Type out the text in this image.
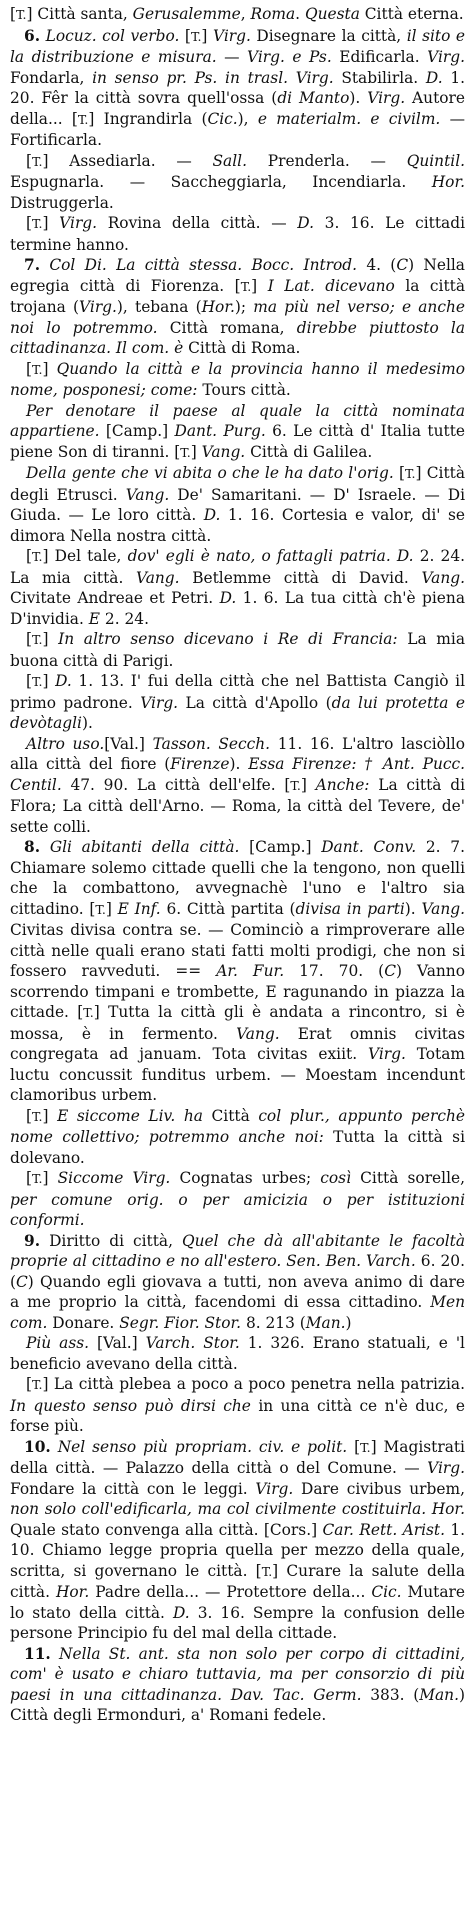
[T.] Città santa, Gerusalemme, Roma. Questa Città eterna.

6. Locuz. col verbo. [T.] Virg. Disegnare la città, il sito e la distribuzione e misura. — Virg. e Ps. Edificarla. Virg. Fondarla, in senso pr. Ps. in trasl. Virg. Stabilirla. D. 1. 20. Fêr la città sovra quell'ossa (di Manto). Virg. Autore della... [T.] Ingrandirla (Cic.), e materialm. e civilm. — Fortificarla.

[T.] Assediarla. — Sall. Prenderla. — Quintil. Espugnarla. — Saccheggiarla, Incendiarla. Hor. Distruggerla.

[T.] Virg. Rovina della città. — D. 3. 16. Le cittadi termine hanno.

7. Col Di. La città stessa. Bocc. Introd. 4. (C) Nella egregia città di Fiorenza. [T.] I Lat. dicevano la città trojana (Virg.), tebana (Hor.); ma più nel verso; e anche noi lo potremmo. Città romana, direbbe piuttosto la cittadinanza. Il com. è Città di Roma.

[T.] Quando la città e la provincia hanno il medesimo nome, posponesi; come: Tours città.

Per denotare il paese al quale la città nominata appartiene. [Camp.] Dant. Purg. 6. Le città d' Italia tutte piene Son di tiranni. [T.] Vang. Città di Galilea.

Della gente che vi abita o che le ha dato l'orig. [T.] Città degli Etrusci. Vang. De' Samaritani. — D' Israele. — Di Giuda. — Le loro città. D. 1. 16. Cortesia e valor, di' se dimora Nella nostra città.

[T.] Del tale, dov' egli è nato, o fattagli patria. D. 2. 24. La mia città. Vang. Betlemme città di David. Vang. Civitate Andreae et Petri. D. 1. 6. La tua città ch'è piena D'invidia. E 2. 24.

[T.] In altro senso dicevano i Re di Francia: La mia buona città di Parigi.

[T.] D. 1. 13. I' fui della città che nel Battista Cangiò il primo padrone. Virg. La città d'Apollo (da lui protetta e devòtagli).

Altro uso.[Val.] Tasson. Secch. 11. 16. L'altro lasciòllo alla città del fiore (Firenze). Essa Firenze: † Ant. Pucc. Centil. 47. 90. La città dell'elfe. [T.] Anche: La città di Flora; La città dell'Arno. — Roma, la città del Tevere, de' sette colli.

8. Gli abitanti della città. [Camp.] Dant. Conv. 2. 7. Chiamare solemo cittade quelli che la tengono, non quelli che la combattono, avvegnachè l'uno e l'altro sia cittadino. [T.] E Inf. 6. Città partita (divisa in parti). Vang. Civitas divisa contra se. — Cominciò a rimproverare alle città nelle quali erano stati fatti molti prodigi, che non si fossero ravveduti. == Ar. Fur. 17. 70. (C) Vanno scorrendo timpani e trombette, E ragunando in piazza la cittade. [T.] Tutta la città gli è andata a rincontro, si è mossa, è in fermento. Vang. Erat omnis civitas congregata ad januam. Tota civitas exiit. Virg. Totam luctu concussit funditus urbem. — Moestam incendunt clamoribus urbem.

[T.] E siccome Liv. ha Città col plur., appunto perchè nome collettivo; potremmo anche noi: Tutta la città si dolevano.

[T.] Siccome Virg. Cognatas urbes; così Città sorelle, per comune orig. o per amicizia o per istituzioni conformi.

9. Diritto di città, Quel che dà all'abitante le facoltà proprie al cittadino e no all'estero. Sen. Ben. Varch. 6. 20. (C) Quando egli giovava a tutti, non aveva animo di dare a me proprio la città, facendomi di essa cittadino. Men com. Donare. Segr. Fior. Stor. 8. 213 (Man.)

Più ass. [Val.] Varch. Stor. 1. 326. Erano statuali, e 'l beneficio avevano della città.

[T.] La città plebea a poco a poco penetra nella patrizia. In questo senso può dirsi che in una città ce n'è duc, e forse più.

10. Nel senso più propriam. civ. e polit. [T.] Magistrati della città. — Palazzo della città o del Comune. — Virg. Fondare la città con le leggi. Virg. Dare civibus urbem, non solo coll'edificarla, ma col civilmente costituirla. Hor. Quale stato convenga alla città. [Cors.] Car. Rett. Arist. 1. 10. Chiamo legge propria quella per mezzo della quale, scritta, si governano le città. [T.] Curare la salute della città. Hor. Padre della... — Protettore della... Cic. Mutare lo stato della città. D. 3. 16. Sempre la confusion delle persone Principio fu del mal della cittade.

11. Nella St. ant. sta non solo per corpo di cittadini, com' è usato e chiaro tuttavia, ma per consorzio di più paesi in una cittadinanza. Dav. Tac. Germ. 383. (Man.) Città degli Ermonduri, a' Romani fedele.
